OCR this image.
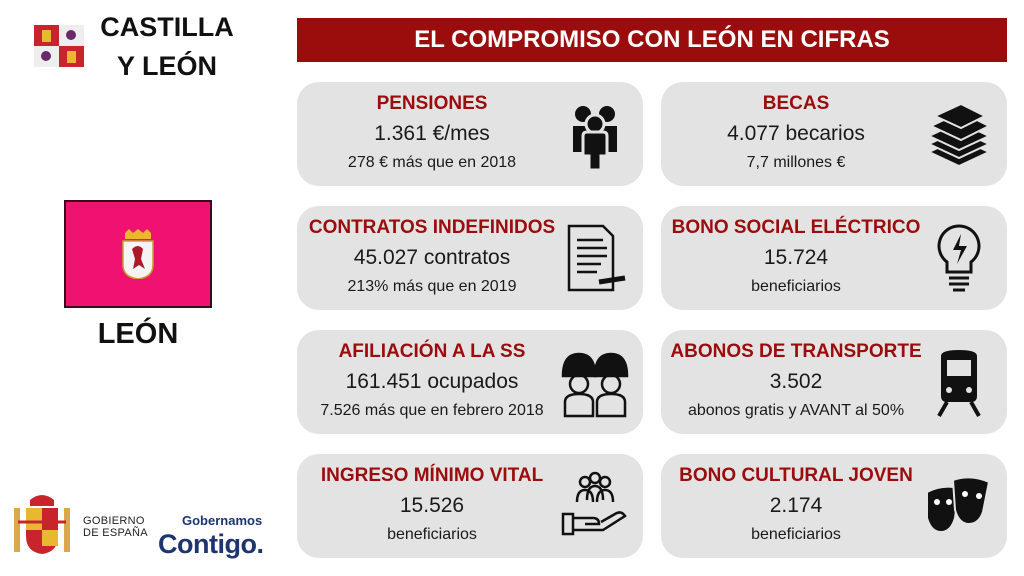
CASTILLA
Y LEÓN
LEÓN
GOBIERNO
DE ESPAÑA
Gobernamos
Contigo.
EL COMPROMISO CON LEÓN EN CIFRAS
PENSIONES
1.361 €/mes
278 € más que en 2018
BECAS
4.077 becarios
7,7 millones €
CONTRATOS INDEFINIDOS
45.027 contratos
213% más que en 2019
BONO SOCIAL ELÉCTRICO
15.724
beneficiarios
AFILIACIÓN A LA SS
161.451 ocupados
7.526 más que en febrero 2018
ABONOS DE TRANSPORTE
3.502
abonos gratis y AVANT al 50%
INGRESO MÍNIMO VITAL
15.526
beneficiarios
BONO CULTURAL JOVEN
2.174
beneficiarios
